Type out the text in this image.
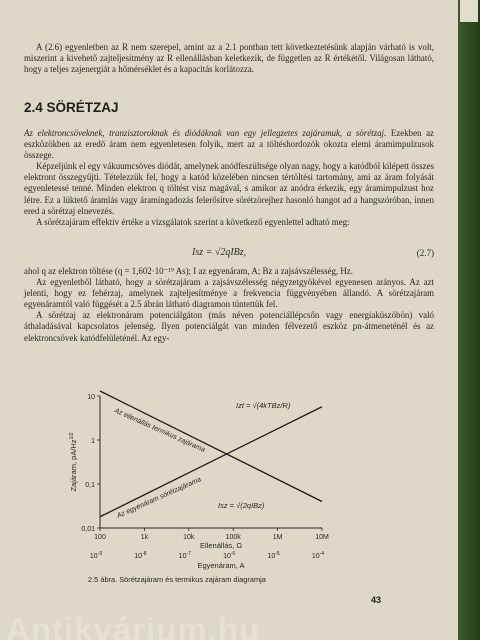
A (2.6) egyenletben az R nem szerepel, amint az a 2.1 pontban tett következtetésünk alapján várható is volt, miszerint a kivehető zajteljesítmény az R ellenállásban keletkezik, de független az R értékétől. Világosan látható, hogy a teljes zajenergiát a hőmérséklet és a kapacitás korlátozza.

2.4 SÖRÉTZAJ

Az elektroncsöveknek, tranzisztoroknak és diódáknak van egy jellegzetes zajáramuk, a sörétzaj. Ezekben az eszközökben az eredő áram nem egyenletesen folyik, mert az a töltéshordozók okozta elemi áramimpulzusok összege.

Képzeljünk el egy vákuumcsöves diódát, amelynek anódfeszültsége olyan nagy, hogy a katódból kilépett összes elektront összegyűjti. Tételezzük fel, hogy a katód közelében nincsen tértöltési tartomány, ami az áram folyását egyenletessé tenné. Minden elektron q töltést visz magával, s amikor az anódra érkezik, egy áramimpulzust hoz létre. Ez a lüktető áramlás vagy áramingadozás felerősítve sörétzörejhez hasonló hangot ad a hangszóróban, innen ered a sörétzaj elnevezés.

A sörétzajáram effektív értéke a vizsgálatok szerint a következő egyenlettel adható meg:

Isz = √2qIBz,	(2.7)

ahol q az elektron töltése (q = 1,602·10⁻¹⁹ As); I az egyenáram, A; Bz a zajsávszélesség, Hz.

Az egyenletből látható, hogy a sörétzajáram a zajsávszélesség négyzetgyökével egyenesen arányos. Az azt jelenti, hogy ez fehérzaj, amelynek zajteljesítménye a frekvencia függvényében állandó. A sörétzajáram egyenáramtól való függését a 2.5 ábrán látható diagramon tüntettük fel.

A sörétzaj az elektronáram potenciálgáton (más néven potenciállépcsőn vagy energiaküszöbön) való áthaladásával kapcsolatos jelenség. Ilyen potenciálgát van minden félvezető eszköz pn-átmeneténél és az elektroncsövek katódfelületénél. Az egy-

10
1
0,1
0,01
Zajáram, $pA/Hz^{1/2}$
100	1k	10k	100k	1M	10M
Ellenállás, Ω
$10^{-9}$	$10^{-8}$	$10^{-7}$	$10^{-6}$	$10^{-5}$	$10^{-4}$
Egyenáram, A
Az ellenállás termikus zajárama
Az egyenáram sörétzajárama
Izt = √(4kTBz/R)
Isz = √(2qIBz)
2.5 ábra. Sörétzajáram és termikus zajáram diagramja
43
Antikvárium.hu
